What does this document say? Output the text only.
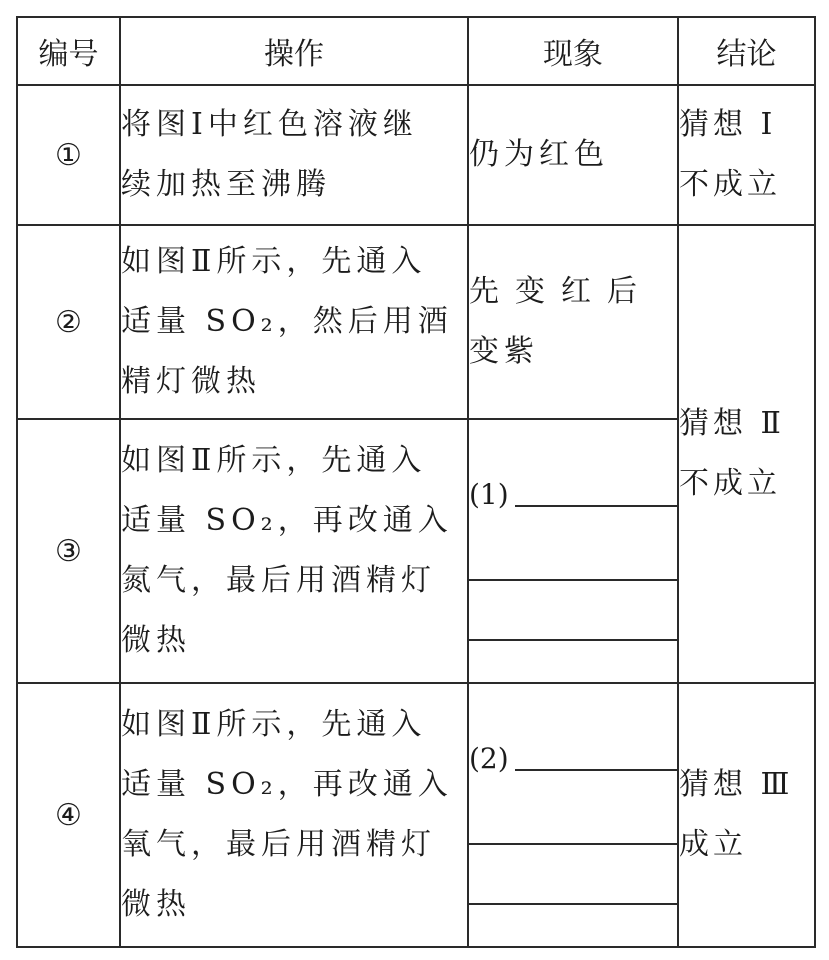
编号	操作	现象	结论
①	将图Ⅰ中红色溶液继
续加热至沸腾	仍为红色	猜想 Ⅰ
不成立

②	如图Ⅱ所示，先通入
适量 SO₂，然后用酒
精灯微热	先变红后
变紫	猜想 Ⅱ
不成立

③	如图Ⅱ所示，先通入
适量 SO₂，再改通入
氮气，最后用酒精灯
微热	(1)	

④	如图Ⅱ所示，先通入
适量 SO₂，再改通入
氧气，最后用酒精灯
微热	(2)	猜想 Ⅲ
成立
